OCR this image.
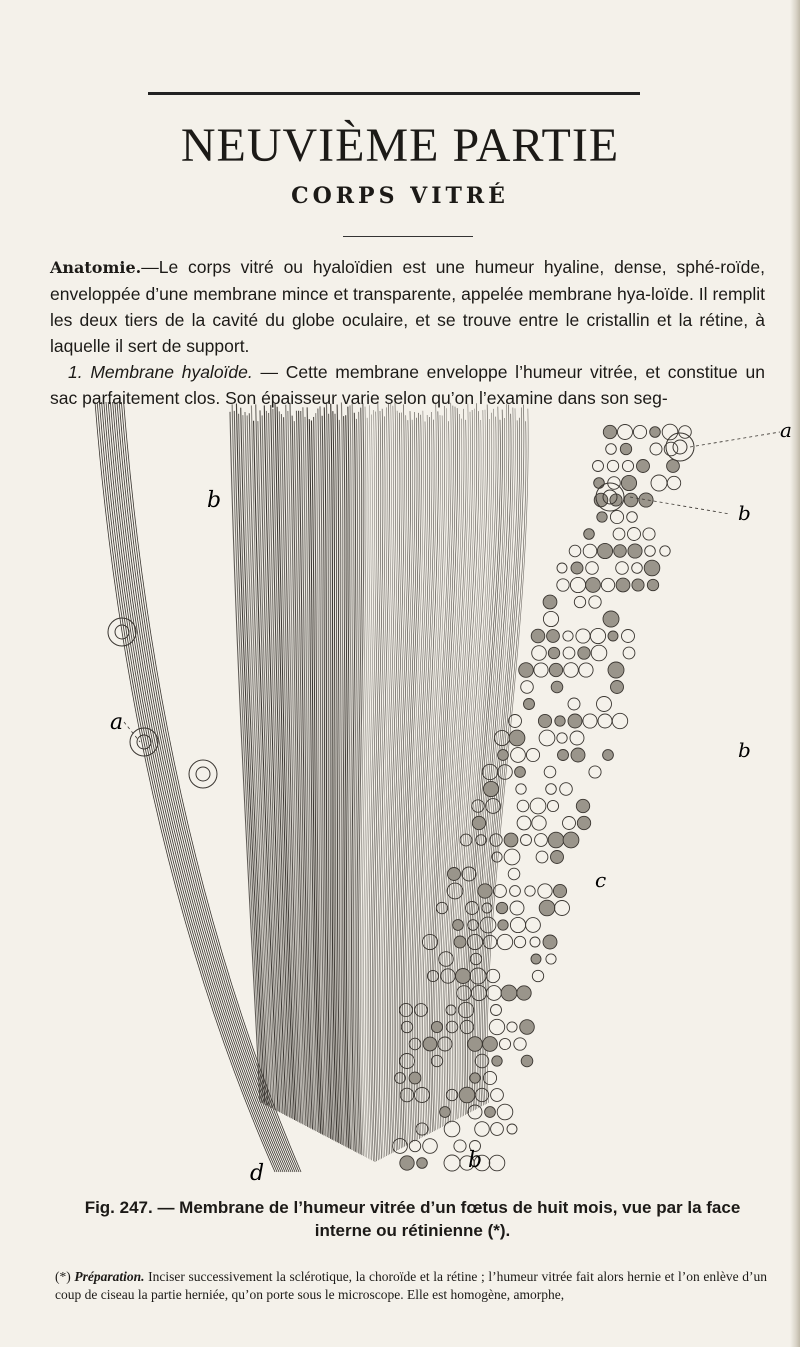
NEUVIÈME PARTIE
CORPS VITRÉ

Anatomie.—Le corps vitré ou hyaloïdien est une humeur hyaline, dense, sphé-roïde, enveloppée d’une membrane mince et transparente, appelée membrane hya-loïde. Il remplit les deux tiers de la cavité du globe oculaire, et se trouve entre le cristallin et la rétine, à laquelle il sert de support.

1. Membrane hyaloïde. — Cette membrane enveloppe l’humeur vitrée, et constitue un sac parfaitement clos. Son épaisseur varie selon qu’on l’examine dans son seg-

a
a
b	b
b
b
c
d
Fig. 247. — Membrane de l’humeur vitrée d’un fœtus de huit mois, vue par la face interne ou rétinienne (*).
(*) Préparation. Inciser successivement la sclérotique, la choroïde et la rétine ; l’humeur vitrée fait alors hernie et l’on enlève d’un coup de ciseau la partie herniée, qu’on porte sous le microscope. Elle est homogène, amorphe,
